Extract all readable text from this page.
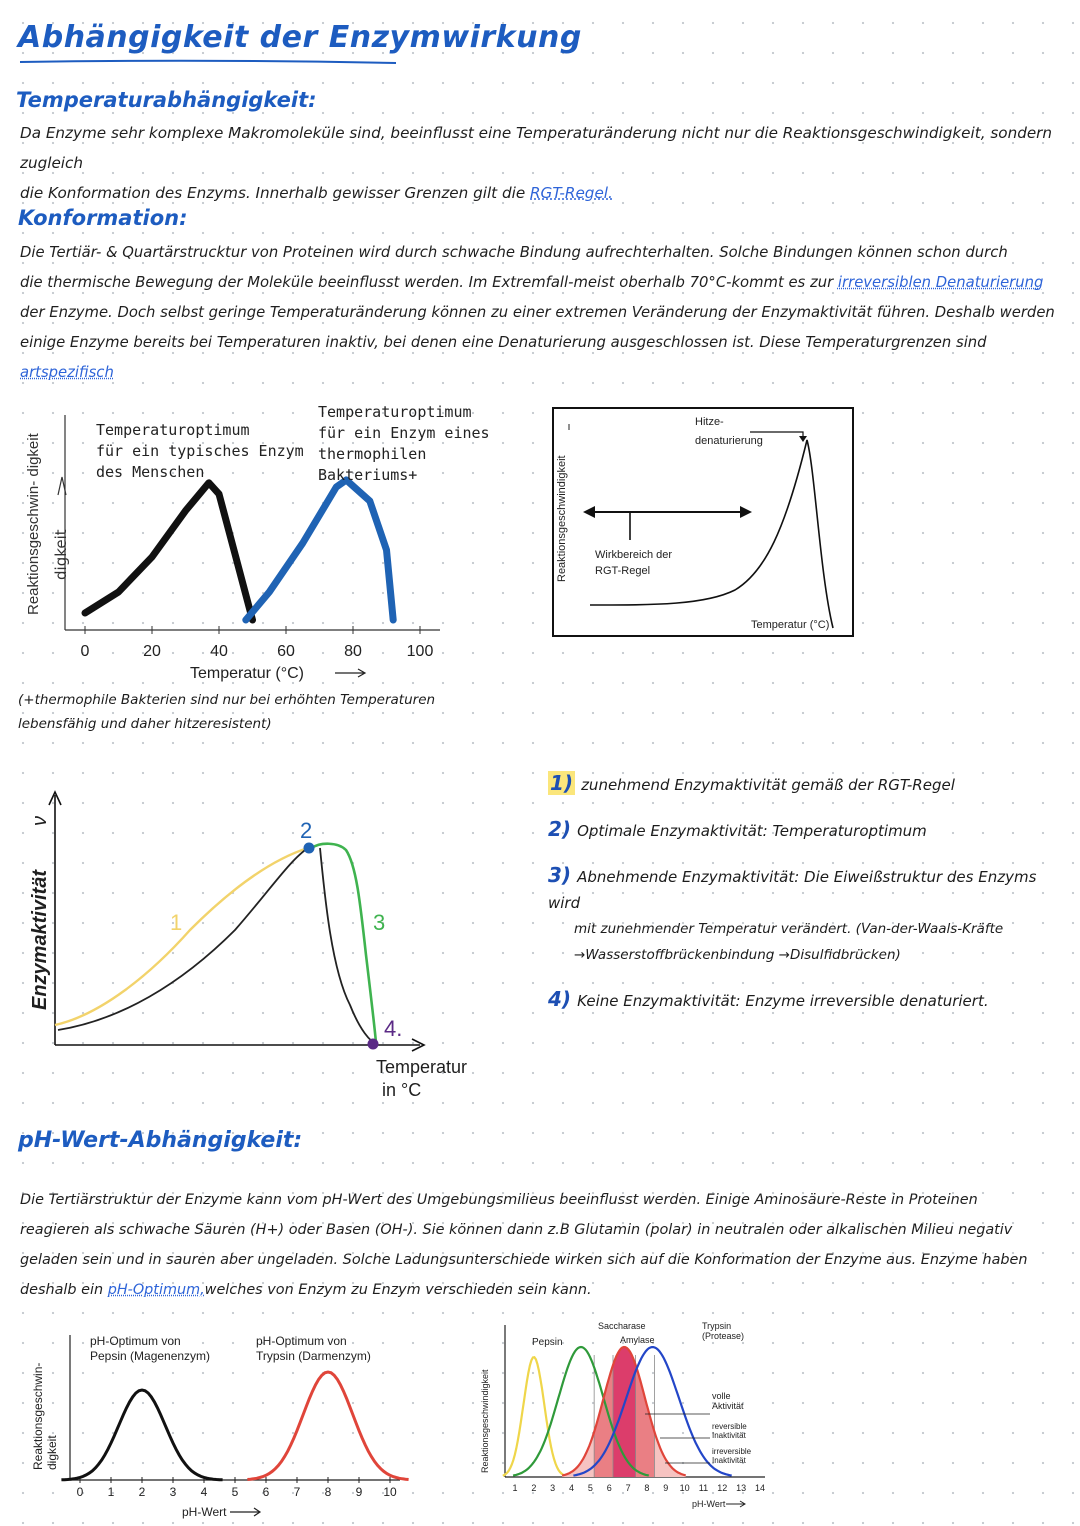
Abhängigkeit der Enzymwirkung
Temperaturabhängigkeit:
Da Enzyme sehr komplexe Makromoleküle sind, beeinflusst eine Temperaturänderung nicht nur die Reaktionsgeschwindigkeit, sondern zugleich
die Konformation des Enzyms. Innerhalb gewisser Grenzen gilt die RGT-Regel.
Konformation:
Die Tertiär- & Quartärstrucktur von Proteinen wird durch schwache Bindung aufrechterhalten. Solche Bindungen können schon durch
die thermische Bewegung der Moleküle beeinflusst werden. Im Extremfall-meist oberhalb 70°C-kommt es zur irreversiblen Denaturierung
der Enzyme. Doch selbst geringe Temperaturänderung können zu einer extremen Veränderung der Enzymaktivität führen. Deshalb werden
einige Enzyme bereits bei Temperaturen inaktiv, bei denen eine Denaturierung ausgeschlossen ist. Diese Temperaturgrenzen sind artspezifisch
Reaktionsgeschwin- digkeit
0	20	40	60	80	100
Temperatur (°C)
Temperaturoptimum
für ein typisches Enzym
des Menschen
Temperaturoptimum
für ein Enzym eines
thermophilen
Bakteriums+
digkeit
(+thermophile Bakterien sind nur bei erhöhten Temperaturen
lebensfähig und daher hitzeresistent)
Reaktionsgeschwindigkeit
Hitze-
denaturierung
Wirkbereich der
RGT-Regel
Temperatur (°C)
Enzymaktivität
ν
1
2
3
4.
Temperatur
in °C
1) zunehmend Enzymaktivität gemäß der RGT-Regel
2) Optimale Enzymaktivität: Temperaturoptimum
3) Abnehmende Enzymaktivität: Die Eiweißstruktur des Enzyms wird
mit zunehmender Temperatur verändert. (Van-der-Waals-Kräfte
→Wasserstoffbrückenbindung →Disulfidbrücken)
4) Keine Enzymaktivität: Enzyme irreversible denaturiert.
pH-Wert-Abhängigkeit:
Die Tertiärstruktur der Enzyme kann vom pH-Wert des Umgebungsmilieus beeinflusst werden. Einige Aminosäure-Reste in Proteinen
reagieren als schwache Säuren (H+) oder Basen (OH-). Sie können dann z.B Glutamin (polar) in neutralen oder alkalischen Milieu negativ
geladen sein und in sauren aber ungeladen. Solche Ladungsunterschiede wirken sich auf die Konformation der Enzyme aus. Enzyme haben
deshalb ein pH-Optimum,welches von Enzym zu Enzym verschieden sein kann.
Reaktionsgeschwin- digkeit
0 1 2 3 4 5 6 7 8 9 10
pH-Optimum von
Pepsin (Magenenzym)
pH-Optimum von
Trypsin (Darmenzym)
pH-Wert
Reaktionsgeschwindigkeit
1 2 3 4 5 6 7 8 9 10 11 12 13 14
Pepsin
Saccharase
Amylase
Trypsin
(Protease)
volle
Aktivität
reversible
Inaktivität
irreversible
Inaktivität
pH-Wert
